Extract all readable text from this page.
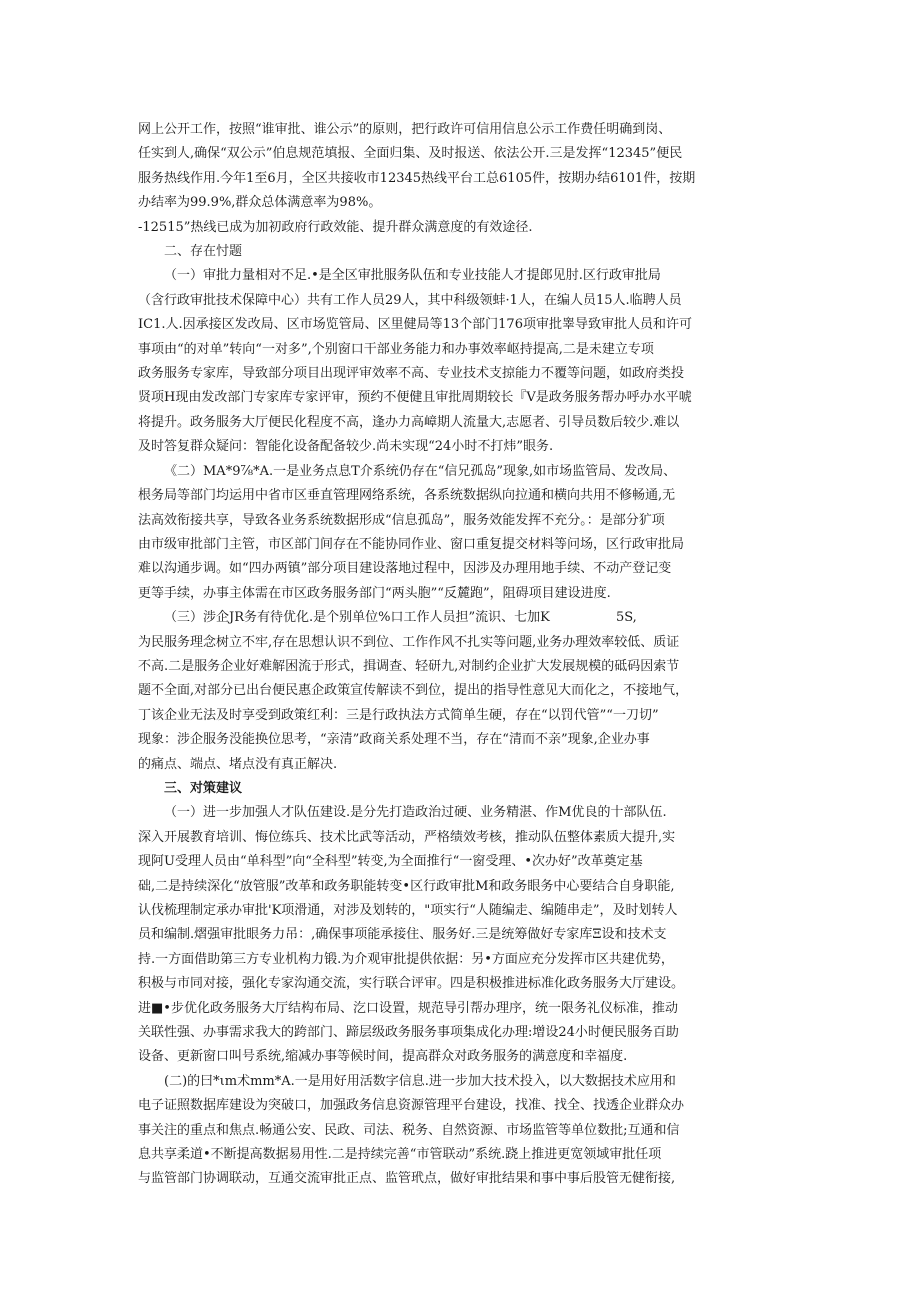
网上公开工作，按照“谁审批、谁公示”的原则，把行政许可信用信息公示工作费任明确到岗、
任实到人,确保“双公示”伯息规范填报、全面归集、及时报送、依法公开.三是发挥“12345”便民
服务热线作用.今年1至6月，全区共接收市12345热线平台工总6105件，按期办结6101件，按期
办结率为99.9%,群众总体满意率为98%。
-12515”热线已成为加初政府行政效能、提升群众满意度的有效途径.
二、存在忖题
（一）审批力量相对不足.•是全区审批服务队伍和专业技能人才提郎见肘.区行政审批局
（含行政审批技术保障中心）共有工作人员29人，其中科级领蚌·1人，在编人员15人.临聘人员
IC1.人.因承接区发改局、区市场览管局、区里健局等13个部门176项审批睾导致审批人员和许可
事项由“的对单”转向“一对多”,个别窗口干部业务能力和办事效率岖持提高,二是未建立专项
政务服务专家库，导致部分项目出现评审效率不高、专业技术支掠能力不覆等问题，如政府类投
贤项H现由发改部门专家库专家评审，预约不便健且审批周期较长『V是政务服务帮办呼办水平唬
将提升。政务服务大厅便民化程度不高，逢办力高嶂期人流量大,志愿者、引导员数后较少.难以
及时答复群众疑问：智能化设备配备较少.尚未实现“24小时不打炜”眼务.
《二）MA*9⅞*A.一是业务点息T介系统仍存在“信兄孤岛”现象,如市场监管局、发改局、
根务局等部门均运用中省市区垂直管理网络系统，各系统数据纵向拉通和横向共用不修畅通,无
法高效衔接共享，导致各业务系统数据形成“信息孤岛”，服务效能发挥不充分。：是部分犷项
由市级审批部门主管，市区部门间存在不能协同作业、窗口重复提交材料等问场，区行政审批局
难以沟通步调。如“四办两镇”部分项目建设落地过程中，因涉及办理用地手续、不动产登记变
更等手续，办事主体需在市区政务服务部门“两头胞”“反麓跑”，阻碍项目建设进度.
（三）涉企JR务有待优化.是个别单位%口工作人员担”流识、七加K                5S,
为民服务理念树立不牢,存在思想认识不到位、工作作风不扎实等问题,业务办理效率较低、质证
不高.二是服务企业好难解困流于形式，揖调查、轻研九,对制约企业扩大发展规模的砥码因索节
题不全面,对部分已出台便民惠企政策宣传解读不到位，提出的指导性意见大而化之，不接地气，
丁该企业无法及时享受到政策红利：三是行政执法方式简单生硬，存在“以罚代管”“一刀切”
现象：涉企服务没能换位思考，“亲清”政商关系处理不当，存在“清而不亲”现象,企业办事
的痛点、端点、堵点没有真正解决.
三、对策建议
（一）进一步加强人才队伍建设.是分先打造政治过硬、业务精湛、作M优良的十部队伍.
深入开展教育培训、悔位练兵、技术比武等活动，严格绩效考核，推动队伍整体素质大提升,实
现阿U受理人员由“单科型”向“全科型”转变,为全面推行“一窗受理、•次办好”改革奠定基
础,二是持续深化“放管服”改革和政务职能转变•区行政审批M和政务眼务中心要结合自身职能,
认伐梳理制定承办审批'K项滑通，对涉及划转的，"项实行“人随编走、编随串走”，及时划转人
员和编制.熠强审批眼务力吊：,确保事项能承接住、服务好.三是统筹做好专家库Ξ设和技术支
持.一方面借助第三方专业机构力锻.为介观审批提供依据：另•方面应充分发挥市区共建优势，
积极与市同对接，强化专家沟通交流，实行联合评审。四是积极推进标准化政务服务大厅建设。
进■•步优化政务服务大厅结构布局、汔口设置，规范导引帮办理序，统一限务礼仪标准，推动
关联性强、办事需求我大的跨部门、蹄层级政务服务事项集成化办理:增设24小时便民服务百助
设备、更新窗口叫号系统,缩减办事等候时间，提高群众对政务服务的满意度和幸福度.
(二)的曰*ιm术mm*A.一是用好用活数字信息.进一步加大技术投入，以大数据技术应用和
电子证照数据库建设为突破口，加强政务信息资源管理平台建设，找准、找全、找透企业群众办
事关注的重点和焦点.畅通公安、民政、司法、税务、自然资源、市场监管等单位数批;互通和信
息共享柔道•不断提高数据易用性.二是持续完善“市管联动”系统.跷上推进更宽领域审批任项
与监管部门协调联动，互通交流审批正点、监管玳点，做好审批结果和事中事后股管无健衔接,
